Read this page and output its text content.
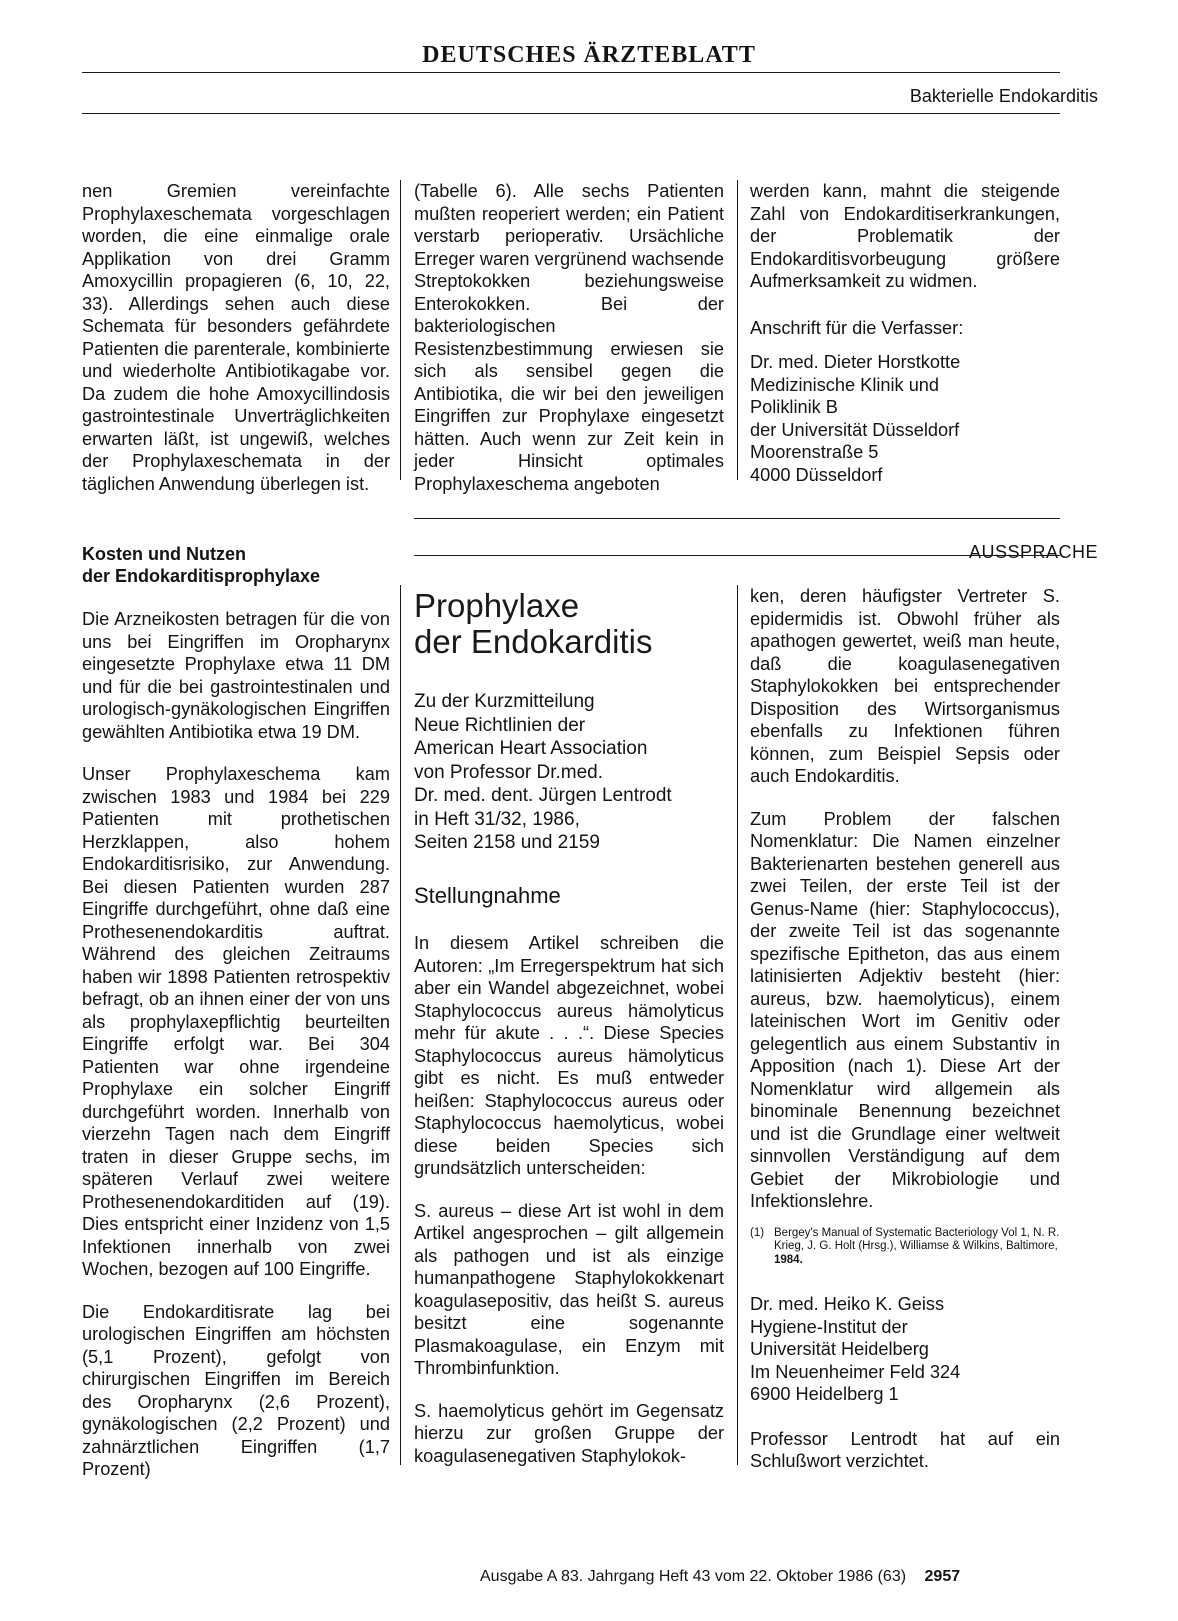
DEUTSCHES ÄRZTEBLATT
Bakterielle Endokarditis

nen Gremien vereinfachte Prophylaxeschemata vorgeschlagen worden, die eine einmalige orale Applikation von drei Gramm Amoxycillin propagieren (6, 10, 22, 33). Allerdings sehen auch diese Schemata für besonders gefährdete Patienten die parenterale, kombinierte und wiederholte Antibiotikagabe vor. Da zudem die hohe Amoxycillindosis gastrointestinale Unverträglichkeiten erwarten läßt, ist ungewiß, welches der Prophylaxeschemata in der täglichen Anwendung überlegen ist.

Kosten und Nutzen
der Endokarditisprophylaxe

Die Arzneikosten betragen für die von uns bei Eingriffen im Oropharynx eingesetzte Prophylaxe etwa 11 DM und für die bei gastrointestinalen und urologisch-gynäkologischen Eingriffen gewählten Antibiotika etwa 19 DM.

Unser Prophylaxeschema kam zwischen 1983 und 1984 bei 229 Patienten mit prothetischen Herzklappen, also hohem Endokarditisrisiko, zur Anwendung. Bei diesen Patienten wurden 287 Eingriffe durchgeführt, ohne daß eine Prothesenendokarditis auftrat. Während des gleichen Zeitraums haben wir 1898 Patienten retrospektiv befragt, ob an ihnen einer der von uns als prophylaxepflichtig beurteilten Eingriffe erfolgt war. Bei 304 Patienten war ohne irgendeine Prophylaxe ein solcher Eingriff durchgeführt worden. Innerhalb von vierzehn Tagen nach dem Eingriff traten in dieser Gruppe sechs, im späteren Verlauf zwei weitere Prothesenendokarditiden auf (19). Dies entspricht einer Inzidenz von 1,5 Infektionen innerhalb von zwei Wochen, bezogen auf 100 Eingriffe.

Die Endokarditisrate lag bei urologischen Eingriffen am höchsten (5,1 Prozent), gefolgt von chirurgischen Eingriffen im Bereich des Oropharynx (2,6 Prozent), gynäkologischen (2,2 Prozent) und zahnärztlichen Eingriffen (1,7 Prozent)

(Tabelle 6). Alle sechs Patienten mußten reoperiert werden; ein Patient verstarb perioperativ. Ursächliche Erreger waren vergrünend wachsende Streptokokken beziehungsweise Enterokokken. Bei der bakteriologischen Resistenzbestimmung erwiesen sie sich als sensibel gegen die Antibiotika, die wir bei den jeweiligen Eingriffen zur Prophylaxe eingesetzt hätten. Auch wenn zur Zeit kein in jeder Hinsicht optimales Prophylaxeschema angeboten

werden kann, mahnt die steigende Zahl von Endokarditiserkrankungen, der Problematik der Endokarditisvorbeugung größere Aufmerksamkeit zu widmen.

Anschrift für die Verfasser:

Dr. med. Dieter Horstkotte
Medizinische Klinik und
Poliklinik B
der Universität Düsseldorf
Moorenstraße 5
4000 Düsseldorf
AUSSPRACHE
Prophylaxe
der Endokarditis
Zu der Kurzmitteilung
Neue Richtlinien der
American Heart Association
von Professor Dr.med.
Dr. med. dent. Jürgen Lentrodt
in Heft 31/32, 1986,
Seiten 2158 und 2159
Stellungnahme

In diesem Artikel schreiben die Autoren: „Im Erregerspektrum hat sich aber ein Wandel abgezeichnet, wobei Staphylococcus aureus hämolyticus mehr für akute . . .“. Diese Species Staphylococcus aureus hämolyticus gibt es nicht. Es muß entweder heißen: Staphylococcus aureus oder Staphylococcus haemolyticus, wobei diese beiden Species sich grundsätzlich unterscheiden:

S. aureus – diese Art ist wohl in dem Artikel angesprochen – gilt allgemein als pathogen und ist als einzige humanpathogene Staphylokokkenart koagulasepositiv, das heißt S. aureus besitzt eine sogenannte Plasmakoagulase, ein Enzym mit Thrombinfunktion.

S. haemolyticus gehört im Gegensatz hierzu zur großen Gruppe der koagulasenegativen Staphylokok-

ken, deren häufigster Vertreter S. epidermidis ist. Obwohl früher als apathogen gewertet, weiß man heute, daß die koagulasenegativen Staphylokokken bei entsprechender Disposition des Wirtsorganismus ebenfalls zu Infektionen führen können, zum Beispiel Sepsis oder auch Endokarditis.

Zum Problem der falschen Nomenklatur: Die Namen einzelner Bakterienarten bestehen generell aus zwei Teilen, der erste Teil ist der Genus-Name (hier: Staphylococcus), der zweite Teil ist das sogenannte spezifische Epitheton, das aus einem latinisierten Adjektiv besteht (hier: aureus, bzw. haemolyticus), einem lateinischen Wort im Genitiv oder gelegentlich aus einem Substantiv in Apposition (nach 1). Diese Art der Nomenklatur wird allgemein als binominale Benennung bezeichnet und ist die Grundlage einer weltweit sinnvollen Verständigung auf dem Gebiet der Mikrobiologie und Infektionslehre.

(1) Bergey's Manual of Systematic Bacteriology Vol 1, N. R. Krieg, J. G. Holt (Hrsg.), Williamse & Wilkins, Baltimore, 1984.
Dr. med. Heiko K. Geiss
Hygiene-Institut der
Universität Heidelberg
Im Neuenheimer Feld 324
6900 Heidelberg 1

Professor Lentrodt hat auf ein Schlußwort verzichtet.

Ausgabe A 83. Jahrgang Heft 43 vom 22. Oktober 1986 (63) 2957
